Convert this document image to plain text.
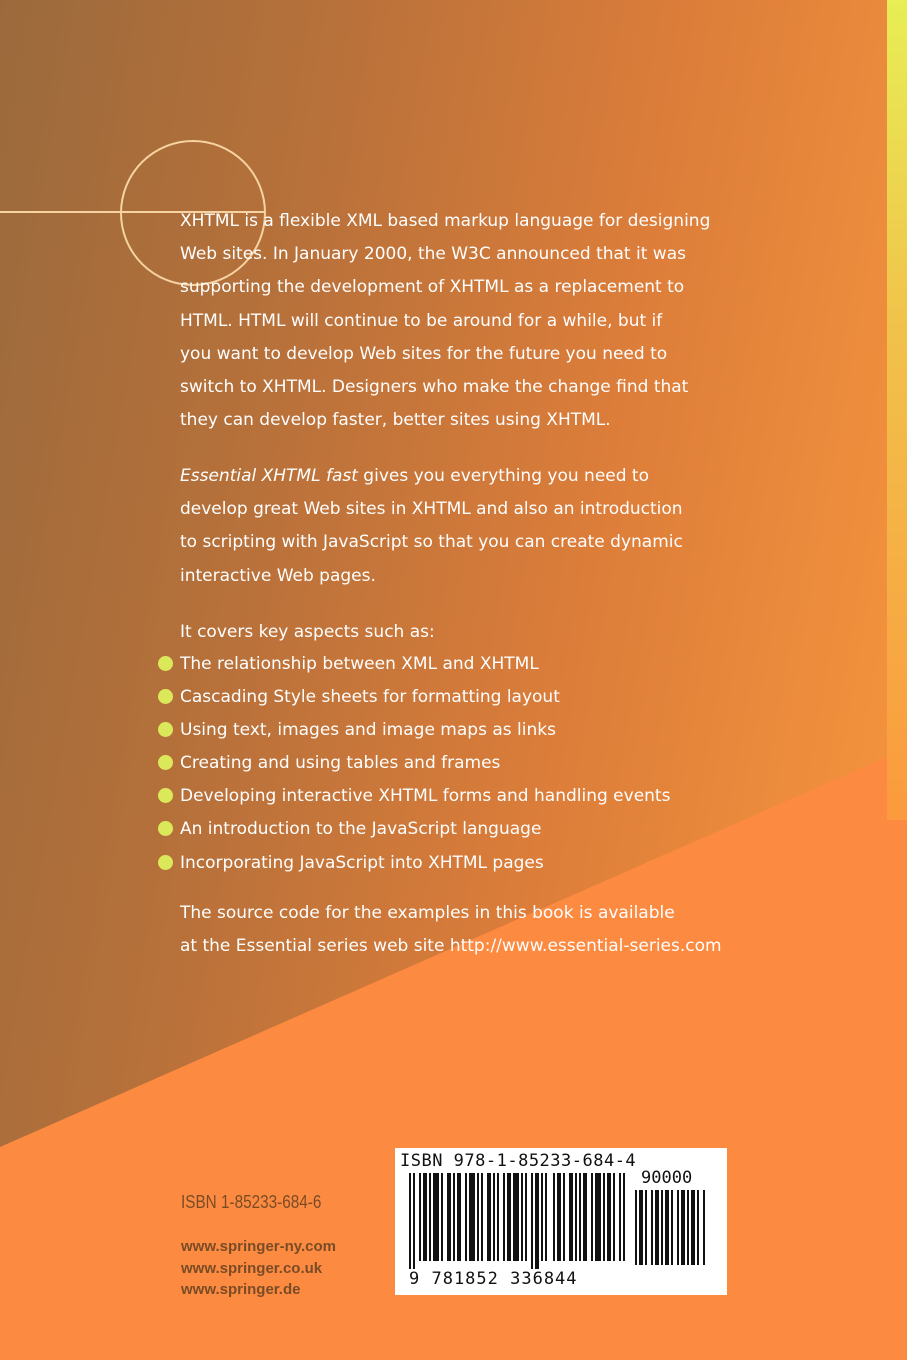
XHTML is a flexible XML based markup language for designing
Web sites. In January 2000, the W3C announced that it was
supporting the development of XHTML as a replacement to
HTML. HTML will continue to be around for a while, but if
you want to develop Web sites for the future you need to
switch to XHTML. Designers who make the change find that
they can develop faster, better sites using XHTML.
Essential XHTML fast gives you everything you need to
develop great Web sites in XHTML and also an introduction
to scripting with JavaScript so that you can create dynamic
interactive Web pages.
It covers key aspects such as:
The relationship between XML and XHTML
Cascading Style sheets for formatting layout
Using text, images and image maps as links
Creating and using tables and frames
Developing interactive XHTML forms and handling events
An introduction to the JavaScript language
Incorporating JavaScript into XHTML pages
The source code for the examples in this book is available
at the Essential series web site http://www.essential-series.com
ISBN 1-85233-684-6
www.springer-ny.com
www.springer.co.uk
www.springer.de
ISBN 978-1-85233-684-4
90000
9 781852 336844
